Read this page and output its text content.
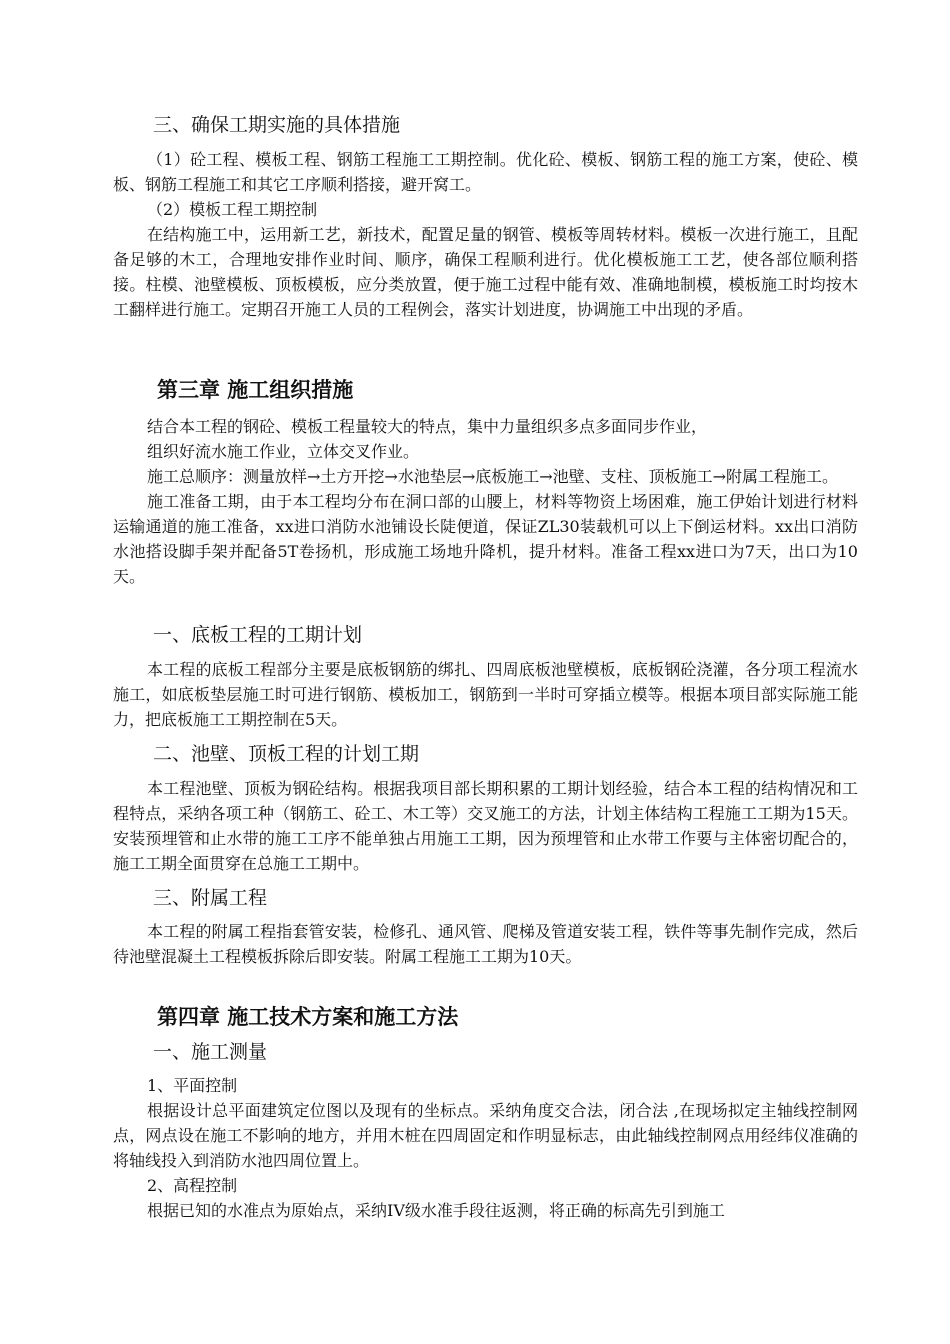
三、确保工期实施的具体措施

（1）砼工程、模板工程、钢筋工程施工工期控制。优化砼、模板、钢筋工程的施工方案，使砼、模板、钢筋工程施工和其它工序顺利搭接，避开窝工。

（2）模板工程工期控制

在结构施工中，运用新工艺，新技术，配置足量的钢管、模板等周转材料。模板一次进行施工，且配备足够的木工，合理地安排作业时间、顺序，确保工程顺利进行。优化模板施工工艺，使各部位顺利搭接。柱模、池壁模板、顶板模板，应分类放置，便于施工过程中能有效、准确地制模，模板施工时均按木工翻样进行施工。定期召开施工人员的工程例会，落实计划进度，协调施工中出现的矛盾。

第三章 施工组织措施

结合本工程的钢砼、模板工程量较大的特点，集中力量组织多点多面同步作业，

组织好流水施工作业，立体交叉作业。

施工总顺序：测量放样→土方开挖→水池垫层→底板施工→池壁、支柱、顶板施工→附属工程施工。

施工准备工期，由于本工程均分布在洞口部的山腰上，材料等物资上场困难，施工伊始计划进行材料运输通道的施工准备，xx进口消防水池铺设长陡便道，保证ZL30装载机可以上下倒运材料。xx出口消防水池搭设脚手架并配备5T卷扬机，形成施工场地升降机，提升材料。准备工程xx进口为7天，出口为10天。

一、底板工程的工期计划

本工程的底板工程部分主要是底板钢筋的绑扎、四周底板池壁模板，底板钢砼浇灌，各分项工程流水施工，如底板垫层施工时可进行钢筋、模板加工，钢筋到一半时可穿插立模等。根据本项目部实际施工能力，把底板施工工期控制在5天。

二、池壁、顶板工程的计划工期

本工程池壁、顶板为钢砼结构。根据我项目部长期积累的工期计划经验，结合本工程的结构情况和工程特点，采纳各项工种（钢筋工、砼工、木工等）交叉施工的方法，计划主体结构工程施工工期为15天。安装预埋管和止水带的施工工序不能单独占用施工工期，因为预埋管和止水带工作要与主体密切配合的，施工工期全面贯穿在总施工工期中。

三、附属工程

本工程的附属工程指套管安装，检修孔、通风管、爬梯及管道安装工程，铁件等事先制作完成，然后待池壁混凝土工程模板拆除后即安装。附属工程施工工期为10天。

第四章 施工技术方案和施工方法
一、施工测量

1、平面控制

根据设计总平面建筑定位图以及现有的坐标点。采纳角度交合法，闭合法 ,在现场拟定主轴线控制网点，网点设在施工不影响的地方，并用木桩在四周固定和作明显标志，由此轴线控制网点用经纬仪准确的将轴线投入到消防水池四周位置上。

2、高程控制

根据已知的水准点为原始点，采纳IV级水准手段往返测，将正确的标高先引到施工
